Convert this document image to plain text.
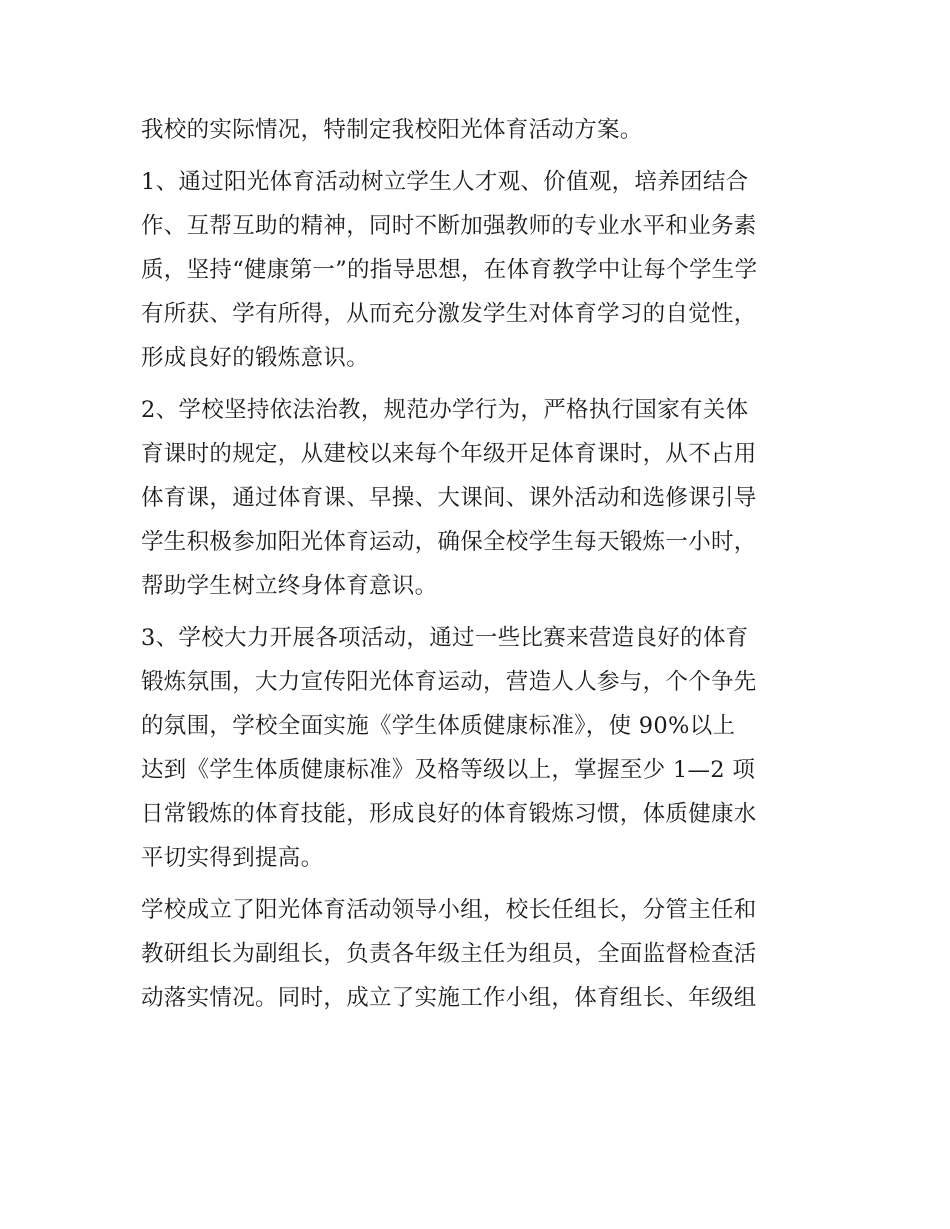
我校的实际情况，特制定我校阳光体育活动方案。
1、通过阳光体育活动树立学生人才观、价值观，培养团结合
作、互帮互助的精神，同时不断加强教师的专业水平和业务素
质，坚持“健康第一”的指导思想，在体育教学中让每个学生学
有所获、学有所得，从而充分激发学生对体育学习的自觉性，
形成良好的锻炼意识。
2、学校坚持依法治教，规范办学行为，严格执行国家有关体
育课时的规定，从建校以来每个年级开足体育课时，从不占用
体育课，通过体育课、早操、大课间、课外活动和选修课引导
学生积极参加阳光体育运动，确保全校学生每天锻炼一小时，
帮助学生树立终身体育意识。
3、学校大力开展各项活动，通过一些比赛来营造良好的体育
锻炼氛围，大力宣传阳光体育运动，营造人人参与，个个争先
的氛围，学校全面实施《学生体质健康标准》，使 90%以上
达到《学生体质健康标准》及格等级以上，掌握至少 1—2 项
日常锻炼的体育技能，形成良好的体育锻炼习惯，体质健康水
平切实得到提高。
学校成立了阳光体育活动领导小组，校长任组长，分管主任和
教研组长为副组长，负责各年级主任为组员，全面监督检查活
动落实情况。同时，成立了实施工作小组，体育组长、年级组
